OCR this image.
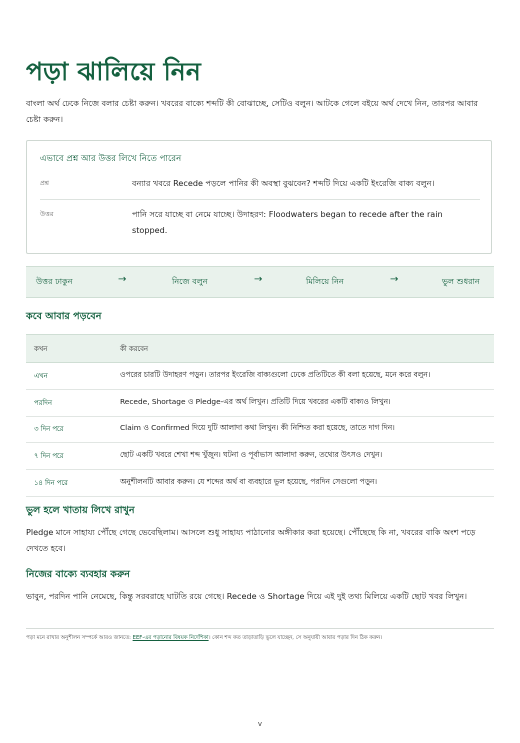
পড়া ঝালিয়ে নিন

বাংলা অর্থ ঢেকে নিজে বলার চেষ্টা করুন। খবরের বাক্যে শব্দটি কী বোঝাচ্ছে, সেটিও বলুন। আটকে গেলে বইয়ে অর্থ দেখে নিন, তারপর আবার চেষ্টা করুন।

এভাবে প্রশ্ন আর উত্তর লিখে নিতে পারেন
প্রশ্ন	বন্যার খবরে Recede পড়লে পানির কী অবস্থা বুঝবেন? শব্দটি দিয়ে একটি ইংরেজি বাক্য বলুন।
উত্তর	পানি সরে যাচ্ছে বা নেমে যাচ্ছে। উদাহরণ: Floodwaters began to recede after the rain stopped.
উত্তর ঢাকুন	→	নিজে বলুন	→	মিলিয়ে নিন	→	ভুল শুধরান
কবে আবার পড়বেন
কখন	কী করবেন
এখন	ওপরের চারটি উদাহরণ পড়ুন। তারপর ইংরেজি বাক্যগুলো ঢেকে প্রতিটিতে কী বলা হয়েছে, মনে করে বলুন।
পরদিন	Recede, Shortage ও Pledge-এর অর্থ লিখুন। প্রতিটি দিয়ে খবরের একটি বাক্যও লিখুন।
৩ দিন পরে	Claim ও Confirmed দিয়ে দুটি আলাদা কথা লিখুন। কী নিশ্চিত করা হয়েছে, তাতে দাগ দিন।
৭ দিন পরে	ছোট একটি খবরে শেখা শব্দ খুঁজুন। ঘটনা ও পূর্বাভাস আলাদা করুন, তথ্যের উৎসও দেখুন।
১৪ দিন পরে	অনুশীলনটি আবার করুন। যে শব্দের অর্থ বা ব্যবহারে ভুল হয়েছে, পরদিন সেগুলো পড়ুন।
ভুল হলে খাতায় লিখে রাখুন

Pledge মানে সাহায্য পৌঁছে গেছে ভেবেছিলাম। আসলে শুধু সাহায্য পাঠানোর অঙ্গীকার করা হয়েছে। পৌঁছেছে কি না, খবরের বাকি অংশ পড়ে দেখতে হবে।

নিজের বাক্যে ব্যবহার করুন

ভাবুন, পরদিন পানি নেমেছে, কিন্তু সরবরাহে ঘাটতি রয়ে গেছে। Recede ও Shortage দিয়ে এই দুই তথ্য মিলিয়ে একটি ছোট খবর লিখুন।

পড়া মনে রাখার অনুশীলন সম্পর্কে আরও জানতে: EEF-এর পড়ানোর বিষয়ক নির্দেশিকা। কোন শব্দ কত তাড়াতাড়ি ভুলে যাচ্ছেন, সে অনুযায়ী আবার পড়ার দিন ঠিক করুন।
v
